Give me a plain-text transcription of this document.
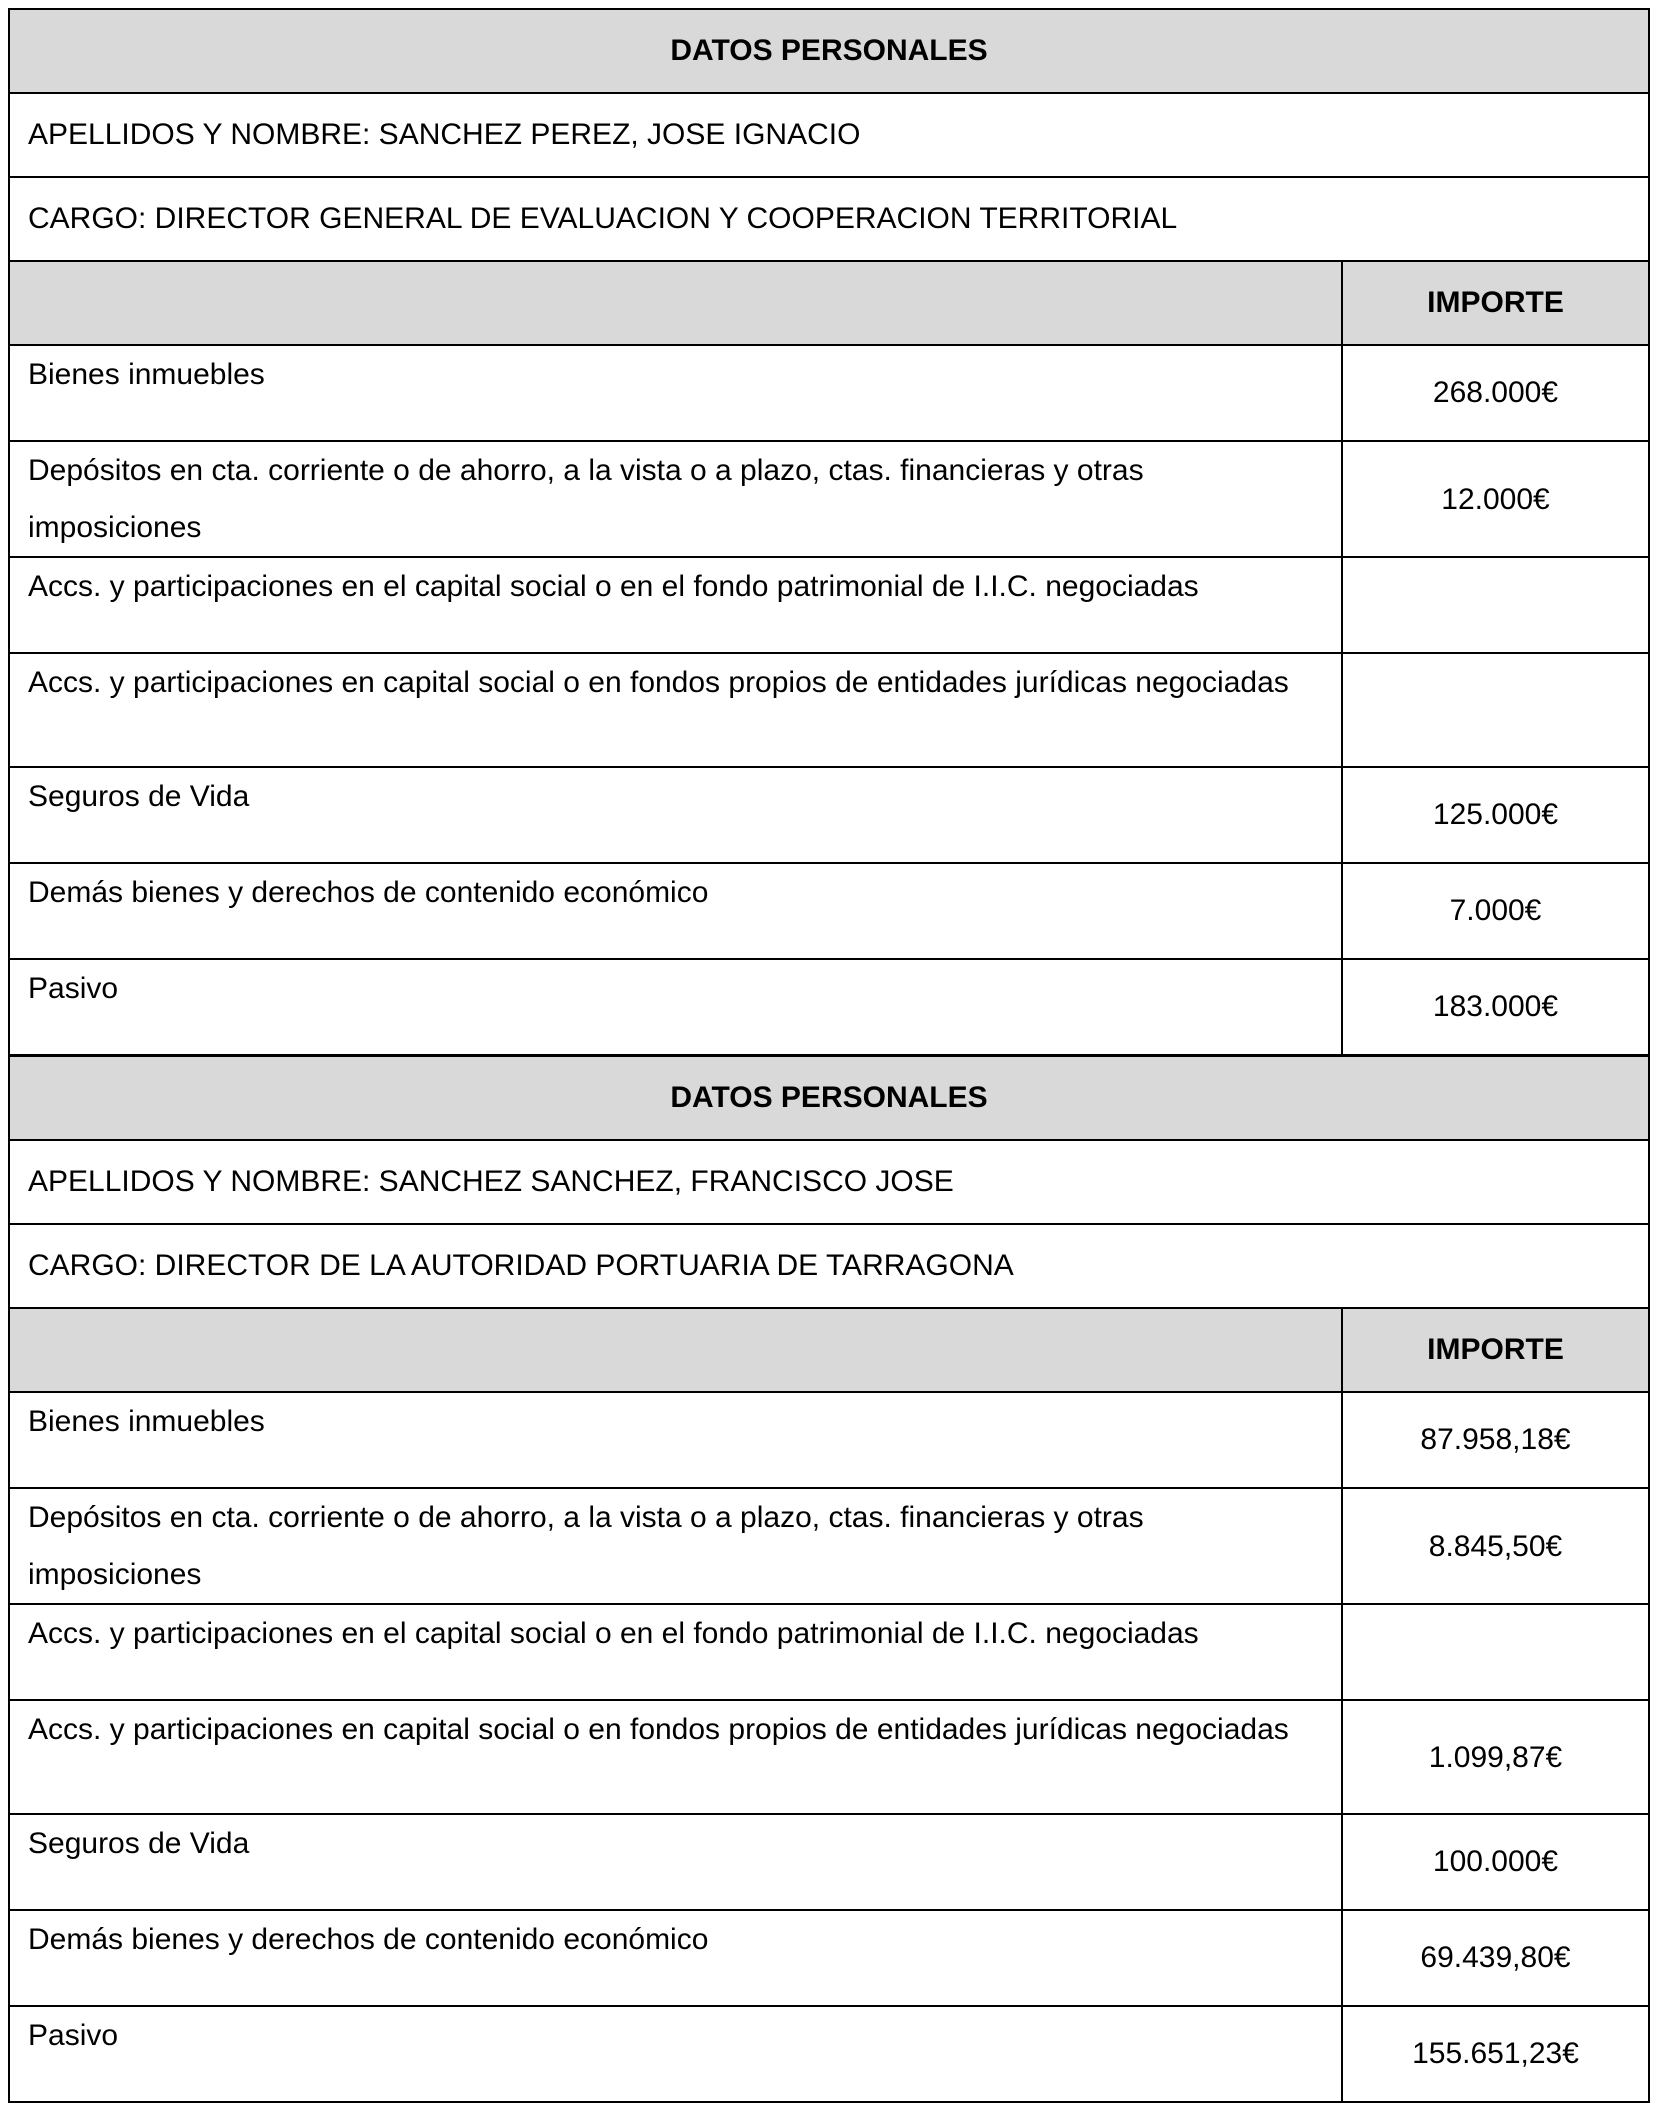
DATOS PERSONALES	
APELLIDOS Y NOMBRE: SANCHEZ PEREZ, JOSE IGNACIO	
CARGO: DIRECTOR GENERAL DE EVALUACION Y COOPERACION TERRITORIAL	
	IMPORTE
Bienes inmuebles	268.000€
Depósitos en cta. corriente o de ahorro, a la vista o a plazo, ctas. financieras y otras imposiciones	12.000€
Accs. y participaciones en el capital social o en el fondo patrimonial de I.I.C. negociadas	
Accs. y participaciones en capital social o en fondos propios de entidades jurídicas negociadas	
Seguros de Vida	125.000€
Demás bienes y derechos de contenido económico	7.000€
Pasivo	183.000€
DATOS PERSONALES	
APELLIDOS Y NOMBRE: SANCHEZ SANCHEZ, FRANCISCO JOSE	
CARGO: DIRECTOR DE LA AUTORIDAD PORTUARIA DE TARRAGONA	
	IMPORTE
Bienes inmuebles	87.958,18€
Depósitos en cta. corriente o de ahorro, a la vista o a plazo, ctas. financieras y otras imposiciones	8.845,50€
Accs. y participaciones en el capital social o en el fondo patrimonial de I.I.C. negociadas	
Accs. y participaciones en capital social o en fondos propios de entidades jurídicas negociadas	1.099,87€
Seguros de Vida	100.000€
Demás bienes y derechos de contenido económico	69.439,80€
Pasivo	155.651,23€
